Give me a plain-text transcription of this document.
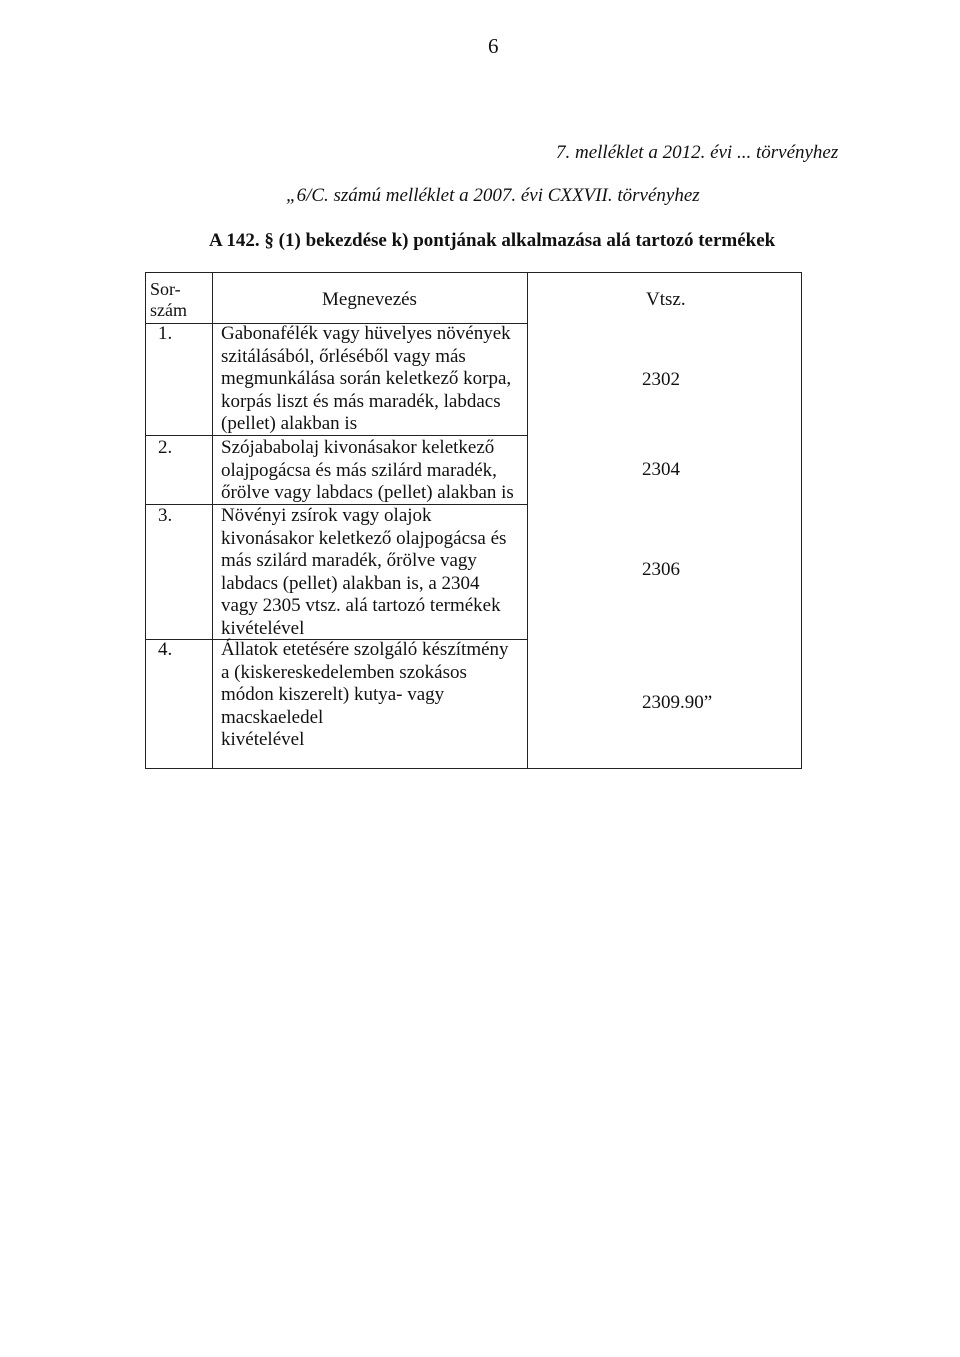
6
7. melléklet a 2012. évi ... törvényhez
„6/C. számú melléklet a 2007. évi CXXVII. törvényhez
A 142. § (1) bekezdése k) pontjának alkalmazása alá tartozó termékek
Sor-
szám	Megnevezés	Vtsz.
1.	Gabonafélék vagy hüvelyes növények
szitálásából, őrléséből vagy más
megmunkálása során keletkező korpa,
korpás liszt és más maradék, labdacs
(pellet) alakban is
2302
2.	Szójababolaj kivonásakor keletkező
olajpogácsa és más szilárd maradék,
őrölve vagy labdacs (pellet) alakban is
2304
3.	Növényi zsírok vagy olajok
kivonásakor keletkező olajpogácsa és
más szilárd maradék, őrölve vagy
labdacs (pellet) alakban is, a 2304
vagy 2305 vtsz. alá tartozó termékek
kivételével
2306
4.	Állatok etetésére szolgáló készítmény
a (kiskereskedelemben szokásos
módon kiszerelt) kutya- vagy
macskaeledel
kivételével
2309.90”
